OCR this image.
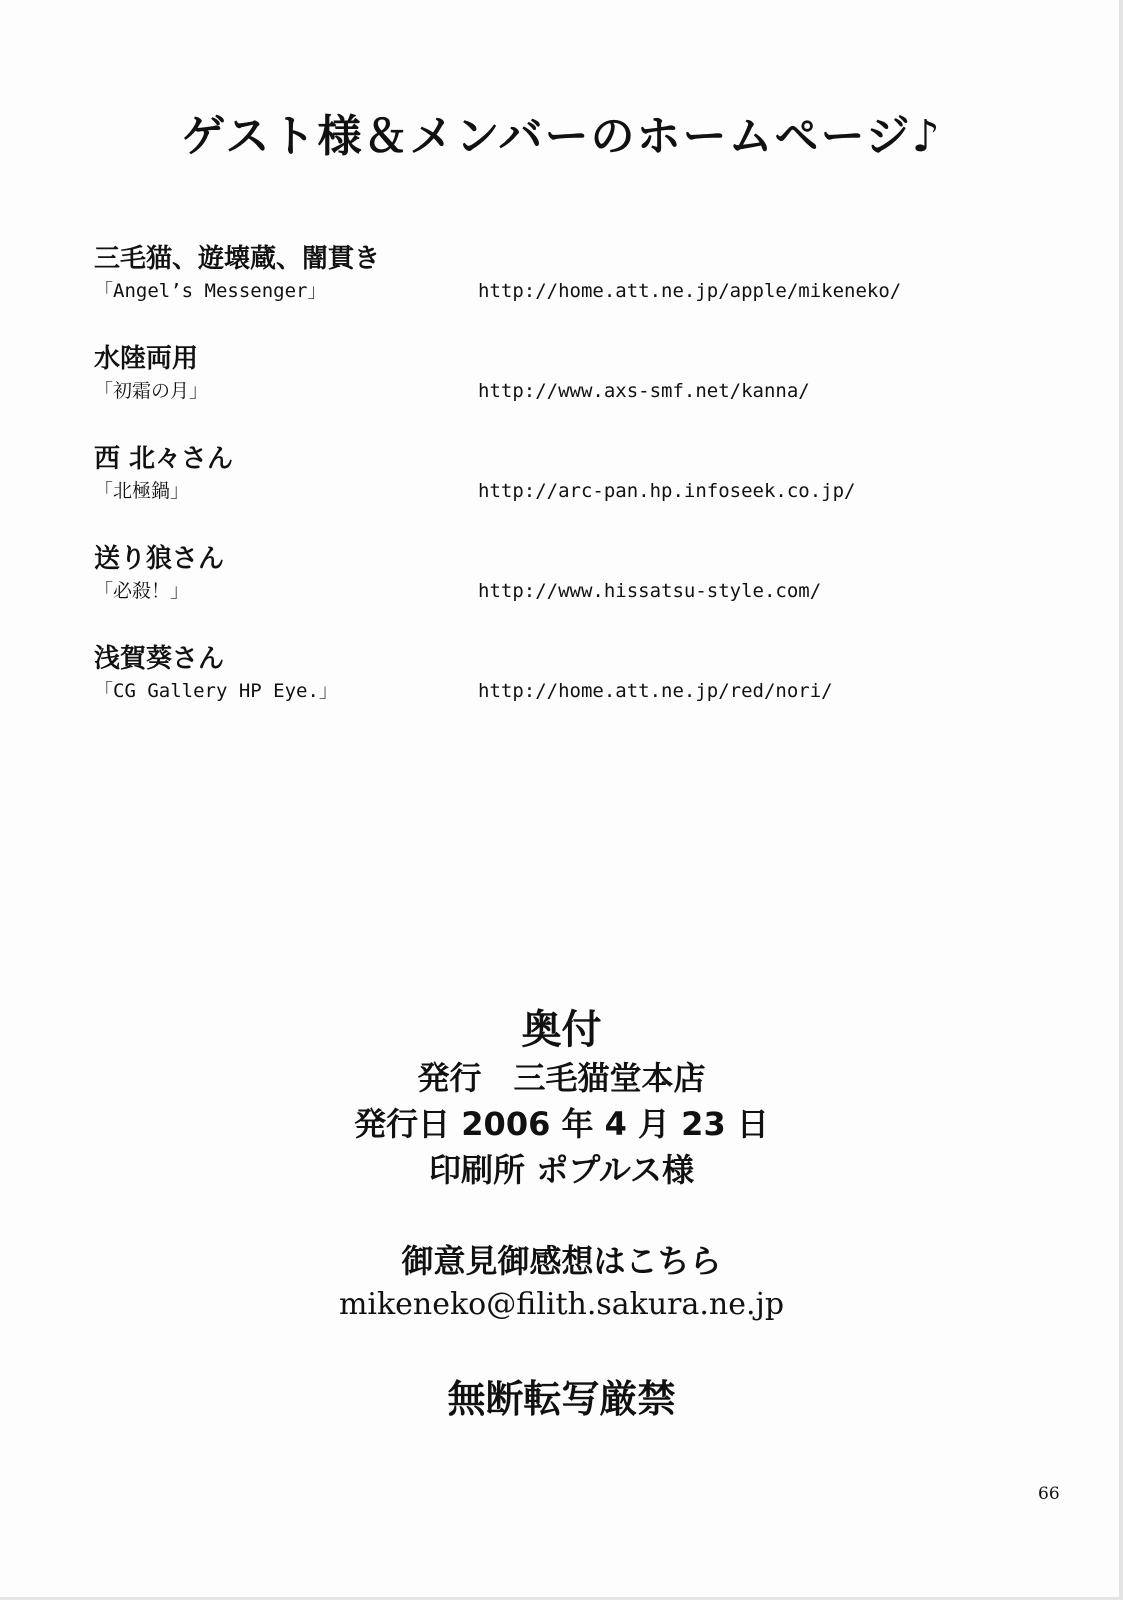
ゲスト様＆メンバーのホームページ♪
三毛猫、遊壊蔵、闇貫き
「Angel’s Messenger」	http://home.att.ne.jp/apple/mikeneko/
水陸両用
「初霜の月」	http://www.axs-smf.net/kanna/
西 北々さん
「北極鍋」	http://arc-pan.hp.infoseek.co.jp/
送り狼さん
「必殺！」	http://www.hissatsu-style.com/
浅賀葵さん
「CG Gallery HP Eye.」	http://home.att.ne.jp/red/nori/
奥付
発行　三毛猫堂本店
発行日 2006 年 4 月 23 日
印刷所 ポプルス様
御意見御感想はこちら
mikeneko@filith.sakura.ne.jp
無断転写厳禁
66
